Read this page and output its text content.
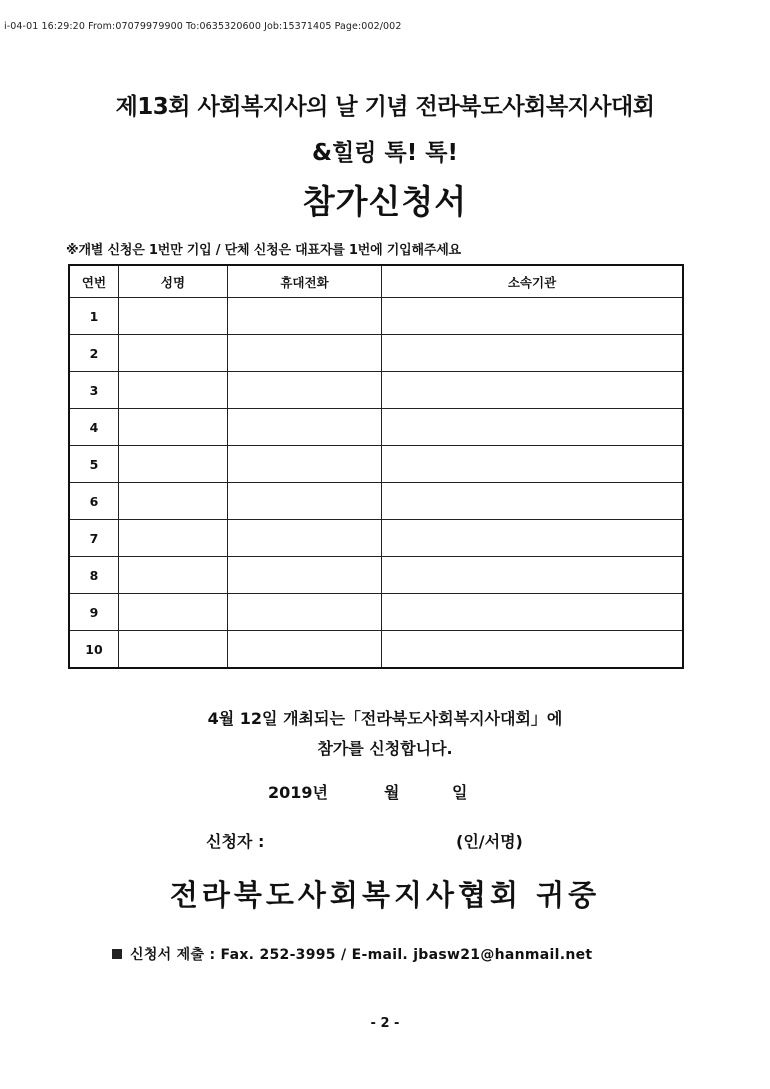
i-04-01 16:29:20 From:07079979900 To:0635320600 Job:15371405 Page:002/002
제13회 사회복지사의 날 기념 전라북도사회복지사대회
&힐링 톡! 톡!
참가신청서
※개별 신청은 1번만 기입 / 단체 신청은 대표자를 1번에 기입해주세요
연번	성명	휴대전화	소속기관
1			
2			
3			
4			
5			
6			
7			
8			
9			
10			
4월 12일 개최되는「전라북도사회복지사대회」에
참가를 신청합니다.
2019년	월	일
신청자 :	(인/서명)
전라북도사회복지사협회 귀중
신청서 제출 : Fax. 252-3995 / E-mail. jbasw21@hanmail.net
- 2 -
